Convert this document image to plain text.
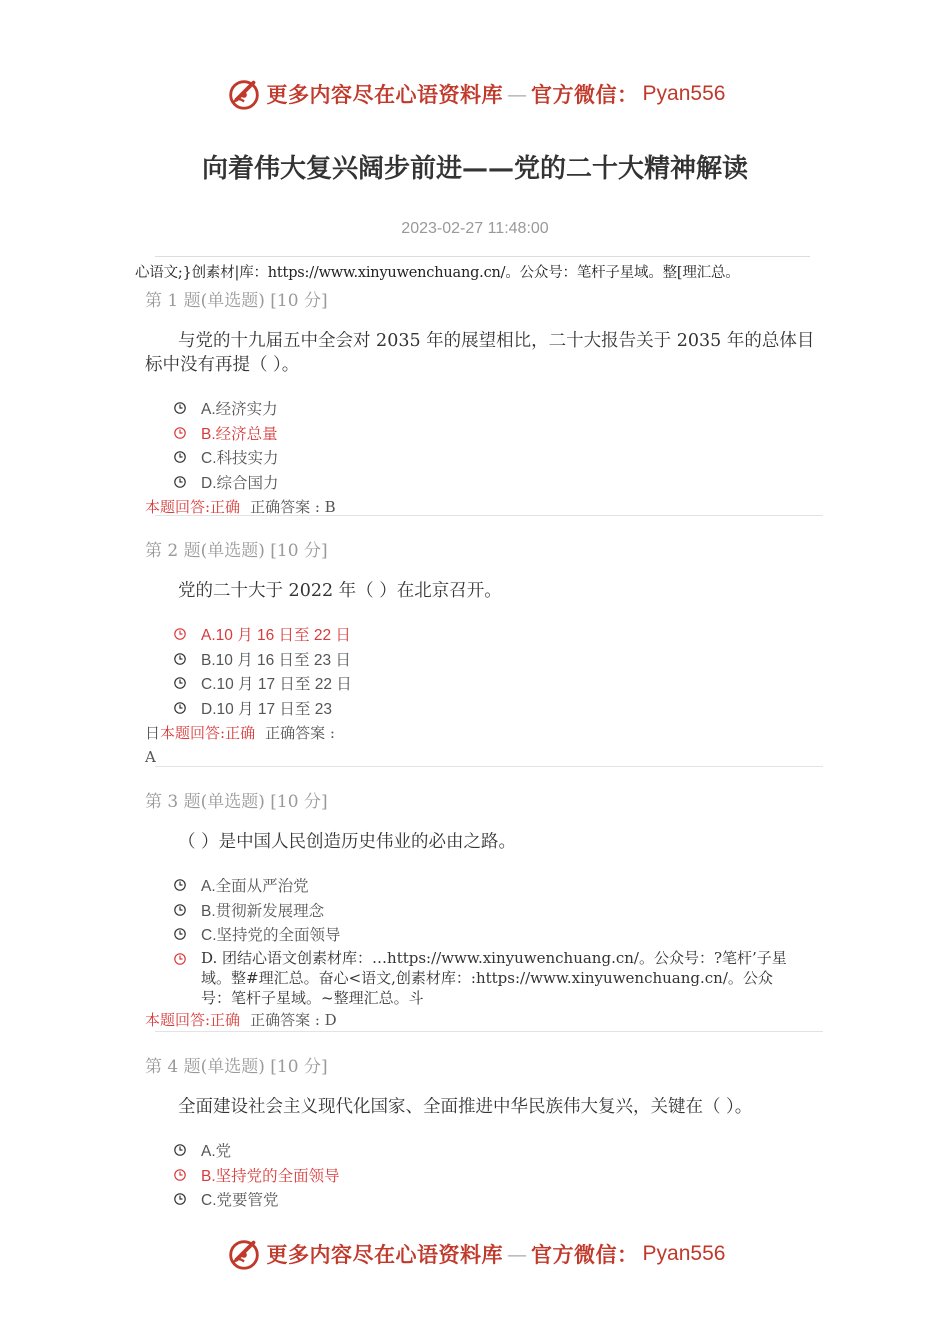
更多内容尽在心语资料库 — 官方微信： Pyan556
向着伟大复兴阔步前进——党的二十大精神解读
2023-02-27 11:48:00
心语文;}创素材|库：https://www.xinyuwenchuang.cn/。公众号：笔杆子星域。整[理汇总。
第 1 题(单选题) [10 分]
与党的十九届五中全会对 2035 年的展望相比，二十大报告关于 2035 年的总体目标中没有再提（ ）。
A.经济实力
B.经济总量
C.科技实力
D.综合国力
本题回答:正确 正确答案 : B
第 2 题(单选题) [10 分]
党的二十大于 2022 年（ ）在北京召开。
A.10 月 16 日至 22 日
B.10 月 16 日至 23 日
C.10 月 17 日至 22 日
D.10 月 17 日至 23
日本题回答:正确 正确答案 :
A
第 3 题(单选题) [10 分]
（ ）是中国人民创造历史伟业的必由之路。
A.全面从严治党
B.贯彻新发展理念
C.坚持党的全面领导
D. 团结心语文创素材库：…https://www.xinyuwenchuang.cn/。公众号：?笔杆’子星域。整#理汇总。奋心<语文,创素材库：:https://www.xinyuwenchuang.cn/。公众号：笔杆子星域。~整理汇总。斗
本题回答:正确 正确答案 : D
第 4 题(单选题) [10 分]
全面建设社会主义现代化国家、全面推进中华民族伟大复兴，关键在（ ）。
A.党
B.坚持党的全面领导
C.党要管党
更多内容尽在心语资料库 — 官方微信： Pyan556
